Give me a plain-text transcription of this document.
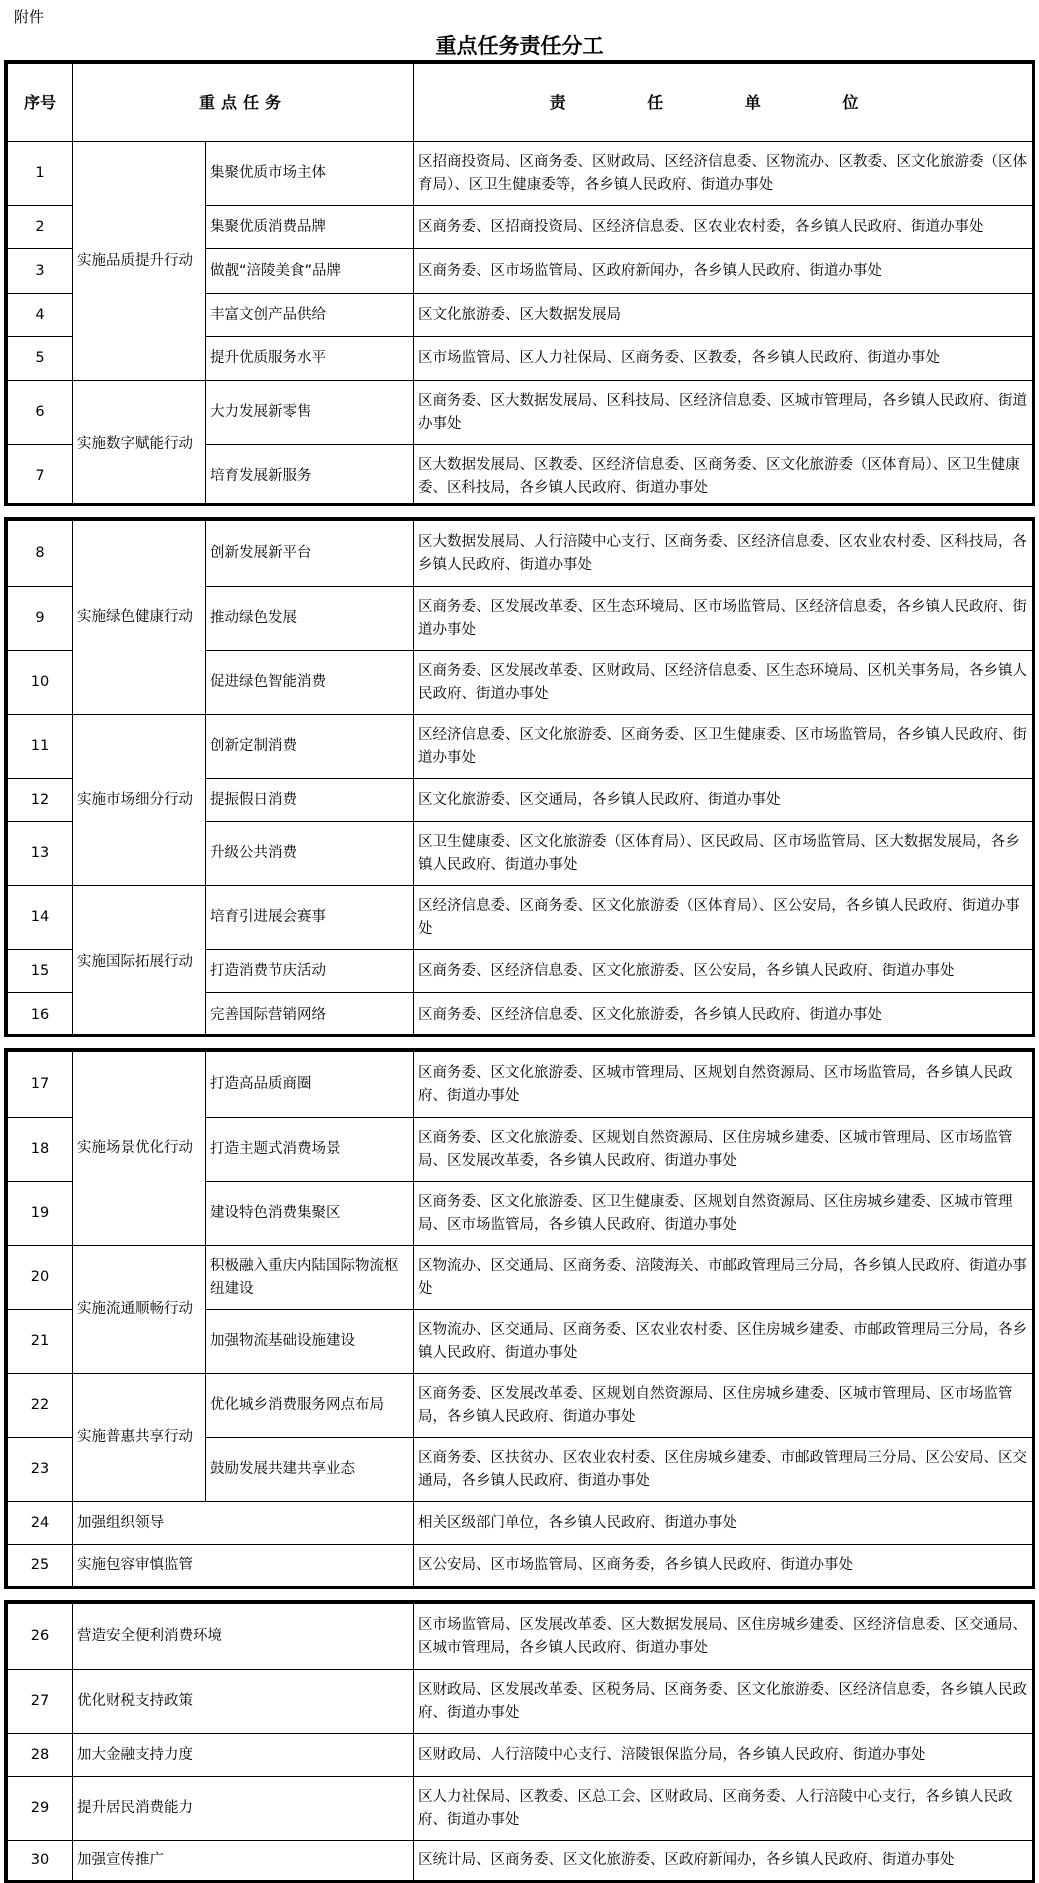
附件
重点任务责任分工
序号	重点任务		责 任 单 位
1	实施品质提升行动	集聚优质市场主体	区招商投资局、区商务委、区财政局、区经济信息委、区物流办、区教委、区文化旅游委（区体育局）、区卫生健康委等，各乡镇人民政府、街道办事处
2		集聚优质消费品牌	区商务委、区招商投资局、区经济信息委、区农业农村委，各乡镇人民政府、街道办事处
3		做靓“涪陵美食”品牌	区商务委、区市场监管局、区政府新闻办，各乡镇人民政府、街道办事处
4		丰富文创产品供给	区文化旅游委、区大数据发展局
5		提升优质服务水平	区市场监管局、区人力社保局、区商务委、区教委，各乡镇人民政府、街道办事处
6	实施数字赋能行动	大力发展新零售	区商务委、区大数据发展局、区科技局、区经济信息委、区城市管理局，各乡镇人民政府、街道办事处
7		培育发展新服务	区大数据发展局、区教委、区经济信息委、区商务委、区文化旅游委（区体育局）、区卫生健康委、区科技局，各乡镇人民政府、街道办事处
8	实施绿色健康行动	创新发展新平台	区大数据发展局、人行涪陵中心支行、区商务委、区经济信息委、区农业农村委、区科技局，各乡镇人民政府、街道办事处
9		推动绿色发展	区商务委、区发展改革委、区生态环境局、区市场监管局、区经济信息委，各乡镇人民政府、街道办事处
10		促进绿色智能消费	区商务委、区发展改革委、区财政局、区经济信息委、区生态环境局、区机关事务局，各乡镇人民政府、街道办事处
11	实施市场细分行动	创新定制消费	区经济信息委、区文化旅游委、区商务委、区卫生健康委、区市场监管局，各乡镇人民政府、街道办事处
12		提振假日消费	区文化旅游委、区交通局，各乡镇人民政府、街道办事处
13		升级公共消费	区卫生健康委、区文化旅游委（区体育局）、区民政局、区市场监管局、区大数据发展局，各乡镇人民政府、街道办事处
14	实施国际拓展行动	培育引进展会赛事	区经济信息委、区商务委、区文化旅游委（区体育局）、区公安局，各乡镇人民政府、街道办事处
15		打造消费节庆活动	区商务委、区经济信息委、区文化旅游委、区公安局，各乡镇人民政府、街道办事处
16		完善国际营销网络	区商务委、区经济信息委、区文化旅游委，各乡镇人民政府、街道办事处
17	实施场景优化行动	打造高品质商圈	区商务委、区文化旅游委、区城市管理局、区规划自然资源局、区市场监管局，各乡镇人民政府、街道办事处
18		打造主题式消费场景	区商务委、区文化旅游委、区规划自然资源局、区住房城乡建委、区城市管理局、区市场监管局、区发展改革委，各乡镇人民政府、街道办事处
19		建设特色消费集聚区	区商务委、区文化旅游委、区卫生健康委、区规划自然资源局、区住房城乡建委、区城市管理局、区市场监管局，各乡镇人民政府、街道办事处
20	实施流通顺畅行动	积极融入重庆内陆国际物流枢纽建设	区物流办、区交通局、区商务委、涪陵海关、市邮政管理局三分局，各乡镇人民政府、街道办事处
21		加强物流基础设施建设	区物流办、区交通局、区商务委、区农业农村委、区住房城乡建委、市邮政管理局三分局，各乡镇人民政府、街道办事处
22	实施普惠共享行动	优化城乡消费服务网点布局	区商务委、区发展改革委、区规划自然资源局、区住房城乡建委、区城市管理局、区市场监管局，各乡镇人民政府、街道办事处
23		鼓励发展共建共享业态	区商务委、区扶贫办、区农业农村委、区住房城乡建委、市邮政管理局三分局、区公安局、区交通局，各乡镇人民政府、街道办事处
24	加强组织领导		相关区级部门单位，各乡镇人民政府、街道办事处
25	实施包容审慎监管		区公安局、区市场监管局、区商务委，各乡镇人民政府、街道办事处
26	营造安全便利消费环境	区市场监管局、区发展改革委、区大数据发展局、区住房城乡建委、区经济信息委、区交通局、区城市管理局，各乡镇人民政府、街道办事处
27	优化财税支持政策	区财政局、区发展改革委、区税务局、区商务委、区文化旅游委、区经济信息委，各乡镇人民政府、街道办事处
28	加大金融支持力度	区财政局、人行涪陵中心支行、涪陵银保监分局，各乡镇人民政府、街道办事处
29	提升居民消费能力	区人力社保局、区教委、区总工会、区财政局、区商务委、人行涪陵中心支行，各乡镇人民政府、街道办事处
30	加强宣传推广	区统计局、区商务委、区文化旅游委、区政府新闻办，各乡镇人民政府、街道办事处
